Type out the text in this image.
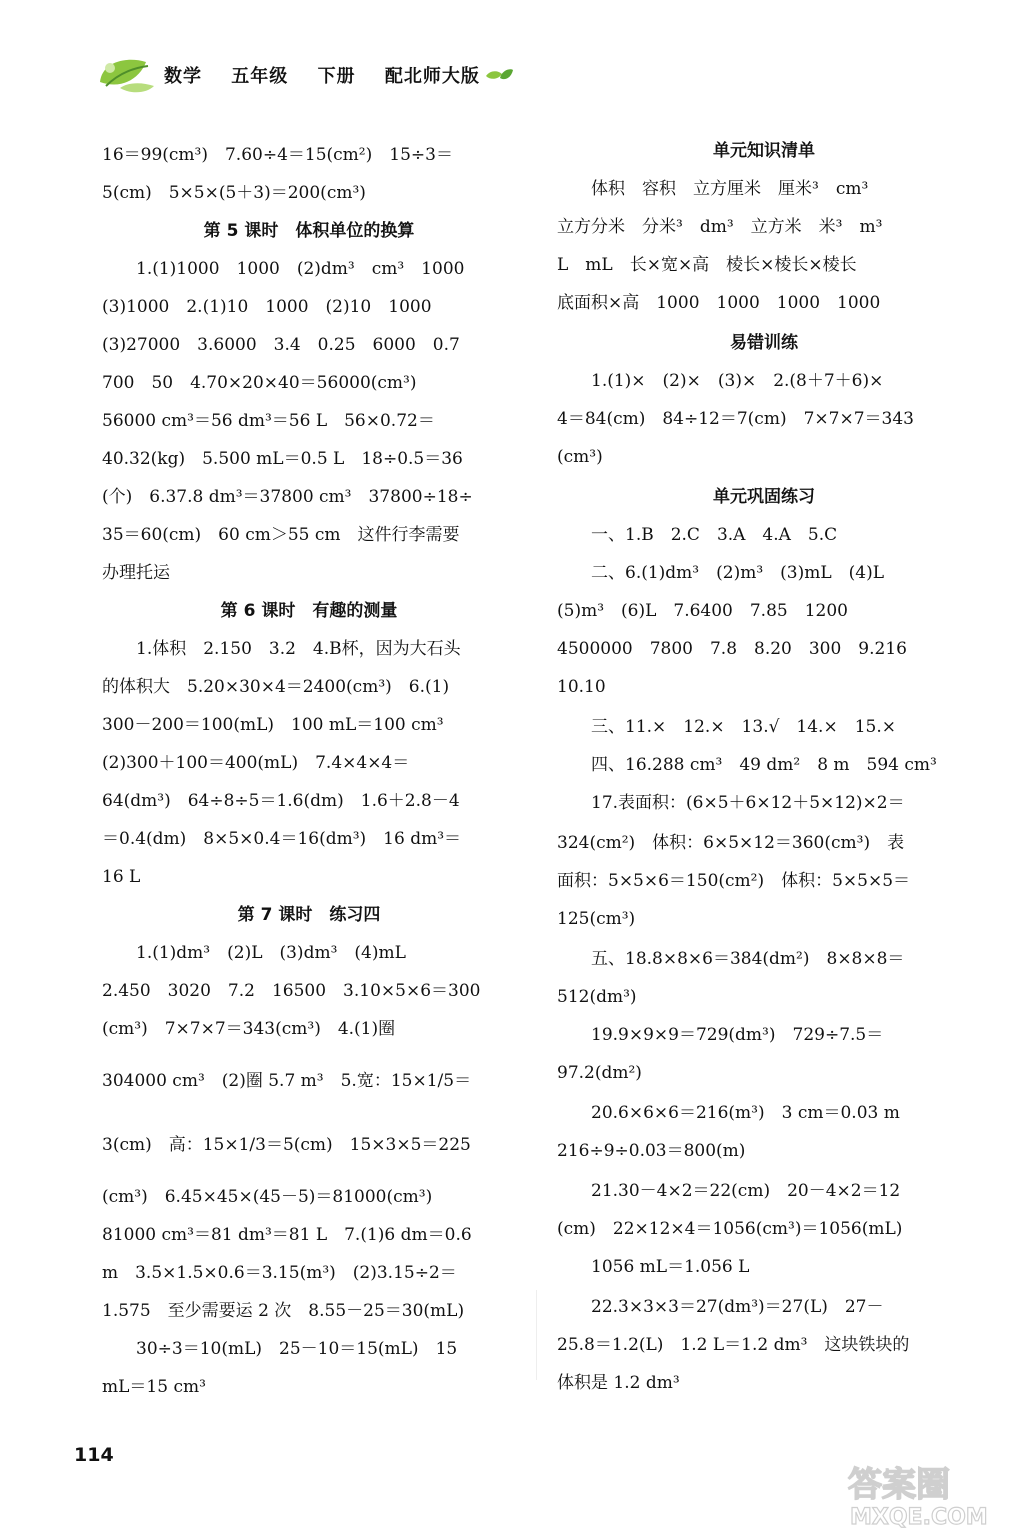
数学 五年级 下册 配北师大版
16＝99(cm³)　7.60÷4＝15(cm²)　15÷3＝
5(cm)　5×5×(5＋3)＝200(cm³)
第 5 课时　体积单位的换算
1.(1)1000　1000　(2)dm³　cm³　1000
(3)1000　2.(1)10　1000　(2)10　1000
(3)27000　3.6000　3.4　0.25　6000　0.7
700　50　4.70×20×40＝56000(cm³)
56000 cm³＝56 dm³＝56 L　56×0.72＝
40.32(kg)　5.500 mL＝0.5 L　18÷0.5＝36
(个)　6.37.8 dm³＝37800 cm³　37800÷18÷
35＝60(cm)　60 cm＞55 cm　这件行李需要
办理托运
第 6 课时　有趣的测量
1.体积　2.150　3.2　4.B杯，因为大石头
的体积大　5.20×30×4＝2400(cm³)　6.(1)
300－200＝100(mL)　100 mL＝100 cm³
(2)300＋100＝400(mL)　7.4×4×4＝
64(dm³)　64÷8÷5＝1.6(dm)　1.6＋2.8－4
＝0.4(dm)　8×5×0.4＝16(dm³)　16 dm³＝
16 L
第 7 课时　练习四
1.(1)dm³　(2)L　(3)dm³　(4)mL
2.450　3020　7.2　16500　3.10×5×6＝300
(cm³)　7×7×7＝343(cm³)　4.(1)圈
304000 cm³　(2)圈 5.7 m³　5.宽：15×1/5＝
3(cm)　高：15×1/3＝5(cm)　15×3×5＝225
(cm³)　6.45×45×(45－5)＝81000(cm³)
81000 cm³＝81 dm³＝81 L　7.(1)6 dm＝0.6
m　3.5×1.5×0.6＝3.15(m³)　(2)3.15÷2＝
1.575　至少需要运 2 次　8.55－25＝30(mL)
30÷3＝10(mL)　25－10＝15(mL)　15
mL＝15 cm³
单元知识清单
体积　容积　立方厘米　厘米³　cm³
立方分米　分米³　dm³　立方米　米³　m³
L　mL　长×宽×高　棱长×棱长×棱长
底面积×高　1000　1000　1000　1000
易错训练
1.(1)×　(2)×　(3)×　2.(8＋7＋6)×
4＝84(cm)　84÷12＝7(cm)　7×7×7＝343
(cm³)
单元巩固练习
一、1.B　2.C　3.A　4.A　5.C
二、6.(1)dm³　(2)m³　(3)mL　(4)L
(5)m³　(6)L　7.6400　7.85　1200
4500000　7800　7.8　8.20　300　9.216
10.10
三、11.×　12.×　13.√　14.×　15.×
四、16.288 cm³　49 dm²　8 m　594 cm³
17.表面积：(6×5＋6×12＋5×12)×2＝
324(cm²)　体积：6×5×12＝360(cm³)　表
面积：5×5×6＝150(cm²)　体积：5×5×5＝
125(cm³)
五、18.8×8×6＝384(dm²)　8×8×8＝
512(dm³)
19.9×9×9＝729(dm³)　729÷7.5＝
97.2(dm²)
20.6×6×6＝216(m³)　3 cm＝0.03 m
216÷9÷0.03＝800(m)
21.30－4×2＝22(cm)　20－4×2＝12
(cm)　22×12×4＝1056(cm³)＝1056(mL)
1056 mL＝1.056 L
22.3×3×3＝27(dm³)＝27(L)　27－
25.8＝1.2(L)　1.2 L＝1.2 dm³　这块铁块的
体积是 1.2 dm³
114
答案圈
MXQE.COM
